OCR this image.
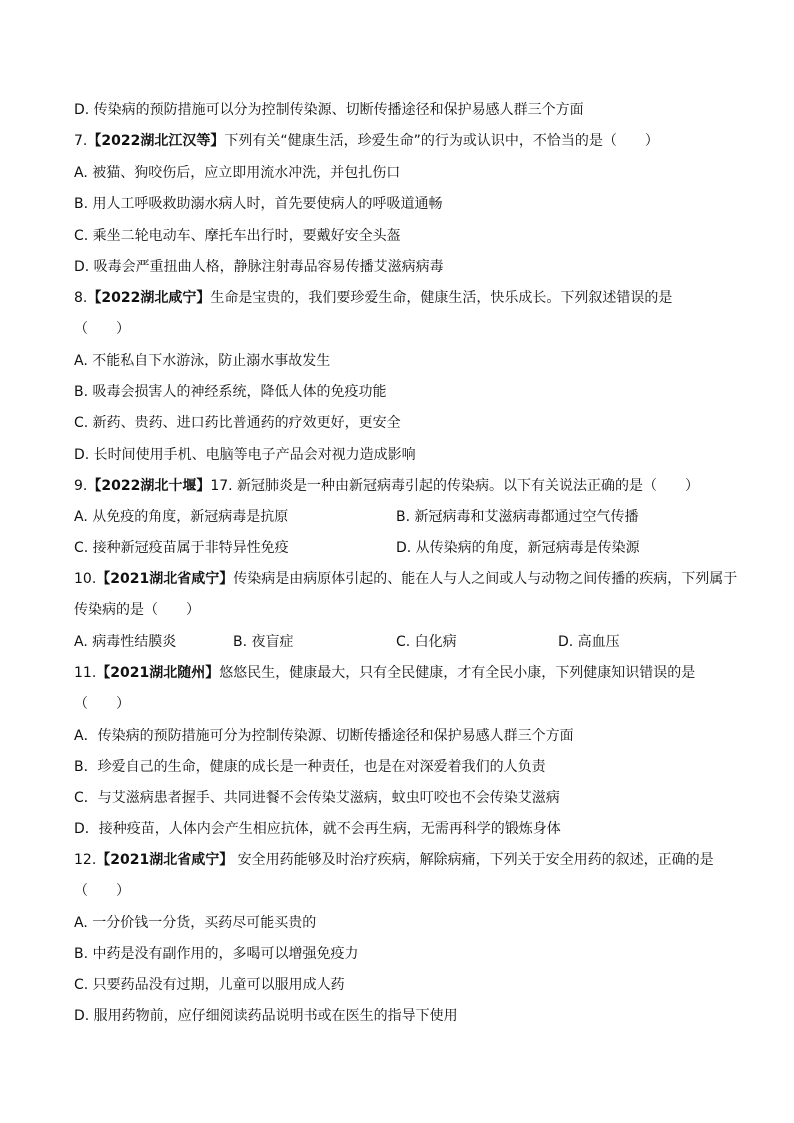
D. 传染病的预防措施可以分为控制传染源、切断传播途径和保护易感人群三个方面
7.【2022湖北江汉等】下列有关“健康生活，珍爱生命”的行为或认识中，不恰当的是（　　）
A. 被猫、狗咬伤后，应立即用流水冲洗，并包扎伤口
B. 用人工呼吸救助溺水病人时，首先要使病人的呼吸道通畅
C. 乘坐二轮电动车、摩托车出行时，要戴好安全头盔
D. 吸毒会严重扭曲人格，静脉注射毒品容易传播艾滋病病毒
8.【2022湖北咸宁】生命是宝贵的，我们要珍爱生命，健康生活，快乐成长。下列叙述错误的是
（　　）
A. 不能私自下水游泳，防止溺水事故发生
B. 吸毒会损害人的神经系统，降低人体的免疫功能
C. 新药、贵药、进口药比普通药的疗效更好，更安全
D. 长时间使用手机、电脑等电子产品会对视力造成影响
9.【2022湖北十堰】17. 新冠肺炎是一种由新冠病毒引起的传染病。以下有关说法正确的是（　　）
A. 从免疫的角度，新冠病毒是抗原	B. 新冠病毒和艾滋病毒都通过空气传播
C. 接种新冠疫苗属于非特异性免疫	D. 从传染病的角度，新冠病毒是传染源
10.【2021湖北省咸宁】传染病是由病原体引起的、能在人与人之间或人与动物之间传播的疾病，下列属于
传染病的是（　　）
A. 病毒性结膜炎	B. 夜盲症	C. 白化病	D. 高血压
11.【2021湖北随州】悠悠民生，健康最大，只有全民健康，才有全民小康，下列健康知识错误的是
（　　）
A．传染病的预防措施可分为控制传染源、切断传播途径和保护易感人群三个方面
B．珍爱自己的生命，健康的成长是一种责任，也是在对深爱着我们的人负责
C．与艾滋病患者握手、共同进餐不会传染艾滋病，蚊虫叮咬也不会传染艾滋病
D．接种疫苗，人体内会产生相应抗体，就不会再生病，无需再科学的锻炼身体
12.【2021湖北省咸宁】 安全用药能够及时治疗疾病，解除病痛，下列关于安全用药的叙述，正确的是
（　　）
A. 一分价钱一分货，买药尽可能买贵的
B. 中药是没有副作用的，多喝可以增强免疫力
C. 只要药品没有过期，儿童可以服用成人药
D. 服用药物前，应仔细阅读药品说明书或在医生的指导下使用
